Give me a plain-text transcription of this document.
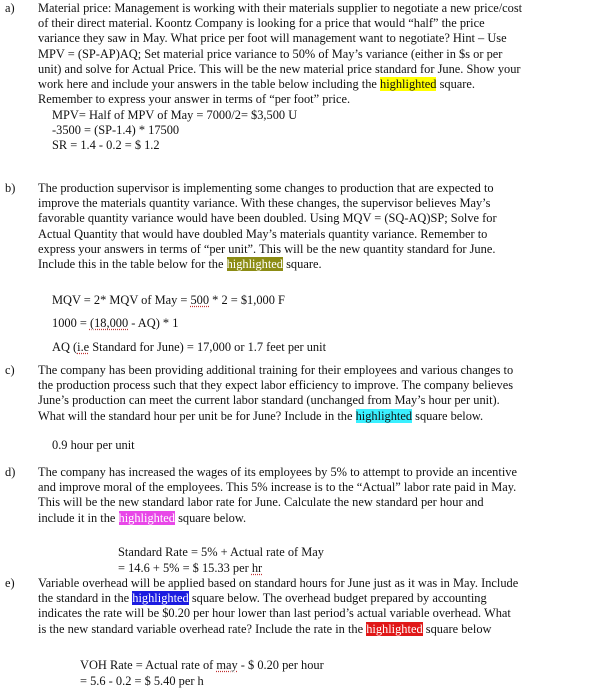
a) Material price: Management is working with their materials supplier to negotiate a new price/cost
of their direct material. Koontz Company is looking for a price that would “half” the price
variance they saw in May. What price per foot will management want to negotiate? Hint – Use
MPV = (SP-AP)AQ; Set material price variance to 50% of May’s variance (either in $s or per
unit) and solve for Actual Price. This will be the new material price standard for June. Show your
work here and include your answers in the table below including the highlighted square.
Remember to express your answer in terms of “per foot” price.
MPV= Half of MPV of May = 7000/2= $3,500 U
-3500 = (SP-1.4) * 17500
SR = 1.4 - 0.2 = $ 1.2
b) The production supervisor is implementing some changes to production that are expected to
improve the materials quantity variance. With these changes, the supervisor believes May’s
favorable quantity variance would have been doubled. Using MQV = (SQ-AQ)SP; Solve for
Actual Quantity that would have doubled May’s materials quantity variance. Remember to
express your answers in terms of “per unit”. This will be the new quantity standard for June.
Include this in the table below for the highlighted square.
MQV = 2* MQV of May = 500 * 2 = $1,000 F
1000 = (18,000 - AQ) * 1
AQ (i.e Standard for June) = 17,000 or 1.7 feet per unit
c) The company has been providing additional training for their employees and various changes to
the production process such that they expect labor efficiency to improve. The company believes
June’s production can meet the current labor standard (unchanged from May’s hour per unit).
What will the standard hour per unit be for June? Include in the highlighted square below.
0.9 hour per unit
d) The company has increased the wages of its employees by 5% to attempt to provide an incentive
and improve moral of the employees. This 5% increase is to the “Actual” labor rate paid in May.
This will be the new standard labor rate for June. Calculate the new standard per hour and
include it in the highlighted square below.
Standard Rate = 5% + Actual rate of May
= 14.6 + 5% = $ 15.33 per hr
e) Variable overhead will be applied based on standard hours for June just as it was in May. Include
the standard in the highlighted square below. The overhead budget prepared by accounting
indicates the rate will be $0.20 per hour lower than last period’s actual variable overhead. What
is the new standard variable overhead rate? Include the rate in the highlighted square below
VOH Rate = Actual rate of may - $ 0.20 per hour
= 5.6 - 0.2 = $ 5.40 per h
